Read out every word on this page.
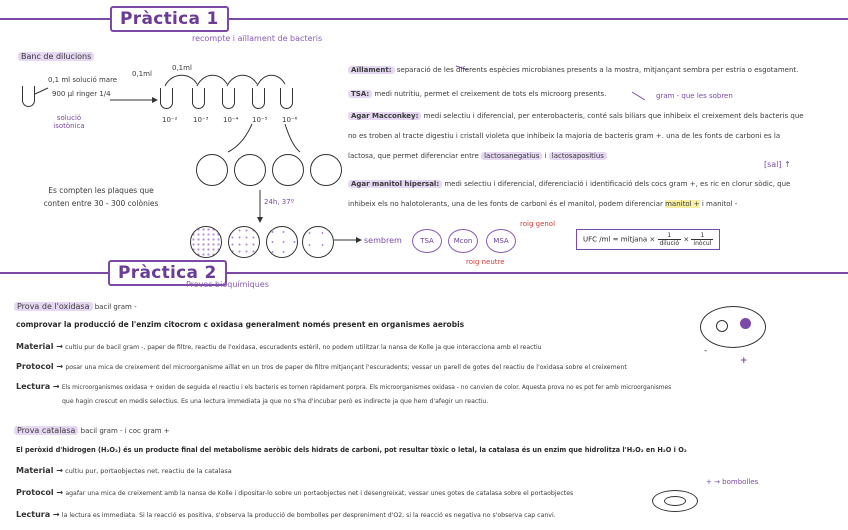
Pràctica 1
recompte i aïllament de bacteris
Banc de dilucions
0,1 ml solució mare
900 µl ringer 1/4
0,1ml
0,1ml
solució isotònica
10⁻² 10⁻³ 10⁻⁴ 10⁻⁵ 10⁻⁶
Es compten les plaques que conten entre 30 - 300 colònies	24h, 37º
sembrem	TSA	Mcon	MSA
roig genol
roig neutre
UFC /ml = mitjana × $\frac{1}{\text{dilució}} \times \frac{1}{\text{inòcul}}$
Aïllament: separació de les diferents espècies microbianes presents a la mostra, mitjançant sembra per estria o esgotament.
TSA: medi nutritiu, permet el creixement de tots els microorg presents.	gram - que les sobren
Agar Macconkey: medi selectiu i diferencial, per enterobacteris, conté sals biliars que inhibeix el creixement dels bacteris que
no es troben al tracte digestiu i cristall violeta que inhibeix la majoria de bacteris gram +. una de les fonts de carboni es la
lactosa, que permet diferenciar entre lactosanegatius i lactosapositius
[sal] ↑
Agar manitol hipersal: medi selectiu i diferencial, diferenciació i identificació dels cocs gram +, es ric en clorur sòdic, que
inhibeix els no halotolerants, una de les fonts de carboni és el manitol, podem diferenciar manitol + i manitol -
Pràctica 2
Proves bioquímiques
Prova de l'oxidasa bacil gram -
comprovar la producció de l'enzim citocrom c oxidasa generalment només present en organismes aerobis
Material → cultiu pur de bacil gram -, paper de filtre, reactiu de l'oxidasa, escuradents estèril, no podem utilitzar la nansa de Kolle ja que interacciona amb el reactiu
Protocol → posar una mica de creixement del microorganisme aïllat en un tros de paper de filtre mitjançant l'escuradents; vessar un parell de gotes del reactiu de l'oxidasa sobre el creixement
Lectura → Els microorganismes oxidasa + oxiden de seguida el reactiu i els bacteris es tornen ràpidament porpra. Els microorganismes oxidasa - no canvien de color. Aquesta prova no es pot fer amb microorganismes
que hagin crescut en medis selectius. Es una lectura immediata ja que no s'ha d'incubar però es indirecte ja que hem d'afegir un reactiu.
-
+
Prova catalasa bacil gram - i coc gram +
El peròxid d'hidrogen (H₂O₂) és un producte final del metabolisme aeròbic dels hidrats de carboni, pot resultar tòxic o letal, la catalasa és un enzim que hidrolitza l'H₂O₂ en H₂O i O₂
Material → cultiu pur, portaobjectes net, reactiu de la catalasa
Protocol → agafar una mica de creixement amb la nansa de Kolle i dipositar-lo sobre un portaobjectes net i desengreixat, vessar unes gotes de catalasa sobre el portaobjectes
Lectura → la lectura es immediata. Si la reacció es positiva, s'observa la producció de bombolles per despreniment d'O2, si la reacció es negativa no s'observa cap canvi.
+ → bombolles
